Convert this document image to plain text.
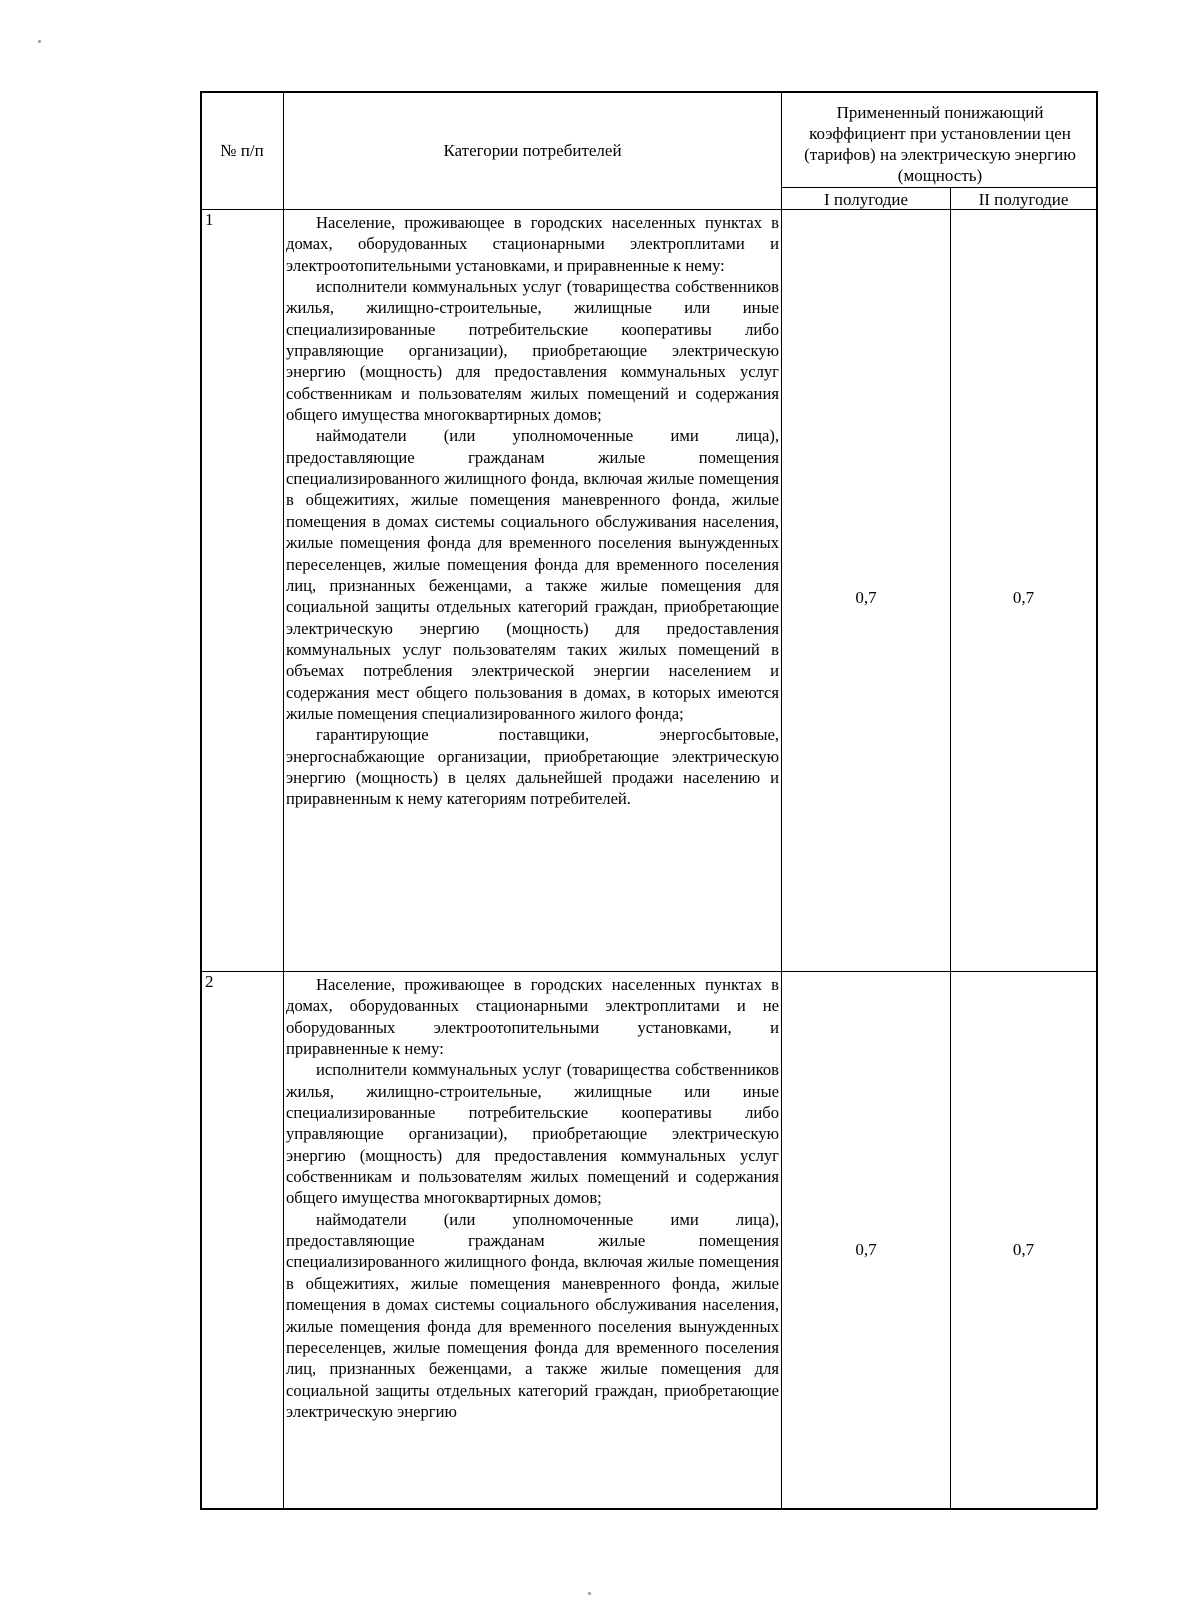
№ п/п	Категории потребителей
Примененный понижающий коэффициент при установлении цен (тарифов) на электрическую энергию (мощность)
I полугодие	II полугодие
1	Население, проживающее в городских населенных пунктах в домах, оборудованных стационарными электроплитами и электроотопительными установками, и приравненные к нему:

исполнители коммунальных услуг (товарищества собственников жилья, жилищно-строительные, жилищные или иные специализированные потребительские кооперативы либо управляющие организации), приобретающие электрическую энергию (мощность) для предоставления коммунальных услуг собственникам и пользователям жилых помещений и содержания общего имущества многоквартирных домов;

наймодатели (или уполномоченные ими лица), предоставляющие гражданам жилые помещения специализированного жилищного фонда, включая жилые помещения в общежитиях, жилые помещения маневренного фонда, жилые помещения в домах системы социального обслуживания населения, жилые помещения фонда для временного поселения вынужденных переселенцев, жилые помещения фонда для временного поселения лиц, признанных беженцами, а также жилые помещения для социальной защиты отдельных категорий граждан, приобретающие электрическую энергию (мощность) для предоставления коммунальных услуг пользователям таких жилых помещений в объемах потребления электрической энергии населением и содержания мест общего пользования в домах, в которых имеются жилые помещения специализированного жилого фонда;

гарантирующие поставщики, энергосбытовые, энергоснабжающие организации, приобретающие электрическую энергию (мощность) в целях дальнейшей продажи населению и приравненным к нему категориям потребителей.

0,7	0,7
2	Население, проживающее в городских населенных пунктах в домах, оборудованных стационарными электроплитами и не оборудованных электроотопительными установками, и приравненные к нему:

исполнители коммунальных услуг (товарищества собственников жилья, жилищно-строительные, жилищные или иные специализированные потребительские кооперативы либо управляющие организации), приобретающие электрическую энергию (мощность) для предоставления коммунальных услуг собственникам и пользователям жилых помещений и содержания общего имущества многоквартирных домов;

наймодатели (или уполномоченные ими лица), предоставляющие гражданам жилые помещения специализированного жилищного фонда, включая жилые помещения в общежитиях, жилые помещения маневренного фонда, жилые помещения в домах системы социального обслуживания населения, жилые помещения фонда для временного поселения вынужденных переселенцев, жилые помещения фонда для временного поселения лиц, признанных беженцами, а также жилые помещения для социальной защиты отдельных категорий граждан, приобретающие электрическую энергию

0,7	0,7
